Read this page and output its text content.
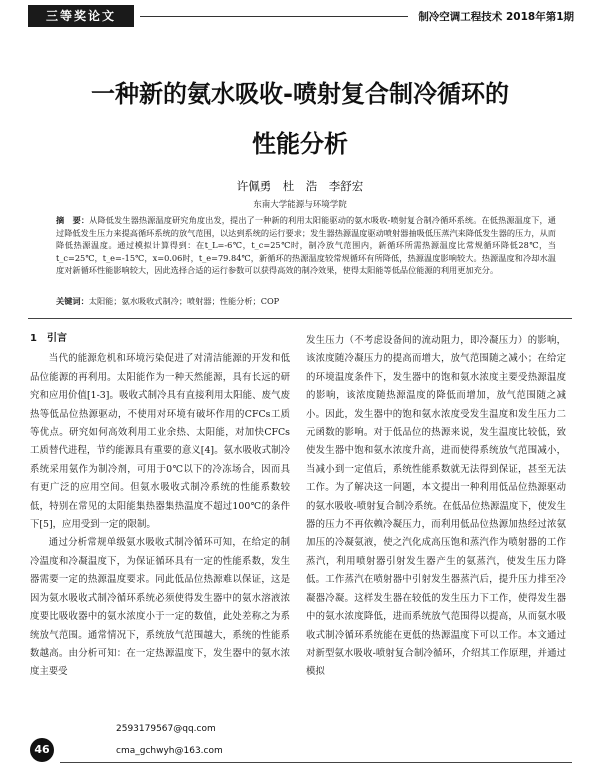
三等奖论文	制冷空调工程技术 2018年第1期
一种新的氨水吸收-喷射复合制冷循环的
性能分析
许佩勇　杜　浩　李舒宏
东南大学能源与环境学院
摘　要：从降低发生器热源温度研究角度出发，提出了一种新的利用太阳能驱动的氨水吸收-喷射复合制冷循环系统。在低热源温度下，通过降低发生压力来提高循环系统的放气范围，以达到系统的运行要求；发生器热源温度驱动喷射器抽吸低压蒸汽来降低发生器的压力，从而降低热源温度。通过模拟计算得到：在t_L=-6℃，t_c=25℃时，制冷放气范围内，新循环所需热源温度比常规循环降低28℃，当t_c=25℃，t_e=-15℃，x=0.06时，t_e=79.84℃，新循环的热源温度较常规循环有所降低，热源温度影响较大。热源温度和冷却水温度对新循环性能影响较大，因此选择合适的运行参数可以获得高效的制冷效果，使得太阳能等低品位能源的利用更加充分。
关键词：太阳能；氨水吸收式制冷；喷射器；性能分析；COP
1　引言

当代的能源危机和环境污染促进了对清洁能源的开发和低品位能源的再利用。太阳能作为一种天然能源，具有长远的研究和应用价值[1-3]。吸收式制冷具有直接利用太阳能、废气废热等低品位热源驱动，不使用对环境有破坏作用的CFCs工质等优点。研究如何高效利用工业余热、太阳能，对加快CFCs工质替代进程，节约能源具有重要的意义[4]。氨水吸收式制冷系统采用氨作为制冷剂，可用于0℃以下的冷冻场合，因而具有更广泛的应用空间。但氨水吸收式制冷系统的性能系数较低，特别在常见的太阳能集热器集热温度不超过100℃的条件下[5]，应用受到一定的限制。

通过分析常规单级氨水吸收式制冷循环可知，在给定的制冷温度和冷凝温度下，为保证循环具有一定的性能系数，发生器需要一定的热源温度要求。同此低品位热源难以保证，这是因为氨水吸收式制冷循环系统必须使得发生器中的氨水溶液浓度要比吸收器中的氨水浓度小于一定的数值，此处差称之为系统放气范围。通常情况下，系统放气范围越大，系统的性能系数越高。由分析可知：在一定热源温度下，发生器中的氨水浓度主要受

发生压力（不考虑设备间的流动阻力，即冷凝压力）的影响，该浓度随冷凝压力的提高而增大，放气范围随之减小；在给定的环境温度条件下，发生器中的饱和氨水浓度主要受热源温度的影响，该浓度随热源温度的降低而增加，放气范围随之减小。因此，发生器中的饱和氨水浓度受发生温度和发生压力二元函数的影响。对于低品位的热源来说，发生温度比较低，致使发生器中饱和氨水浓度升高，进而使得系统放气范围减小，当减小到一定值后，系统性能系数就无法得到保证，甚至无法工作。为了解决这一问题，本文提出一种利用低品位热源驱动的氨水吸收-喷射复合制冷系统。在低品位热源温度下，使发生器的压力不再依赖冷凝压力，而利用低品位热源加热经过浓氨加压的冷凝氨液，使之汽化成高压饱和蒸汽作为喷射器的工作蒸汽，利用喷射器引射发生器产生的氨蒸汽，使发生压力降低。工作蒸汽在喷射器中引射发生器蒸汽后，提升压力排至冷凝器冷凝。这样发生器在较低的发生压力下工作，使得发生器中的氨水浓度降低，进而系统放气范围得以提高，从而氨水吸收式制冷循环系统能在更低的热源温度下可以工作。本文通过对新型氨水吸收-喷射复合制冷循环，介绍其工作原理，并通过模拟

46
259317956​7@qq.com
cma_gchwyh@163.com
